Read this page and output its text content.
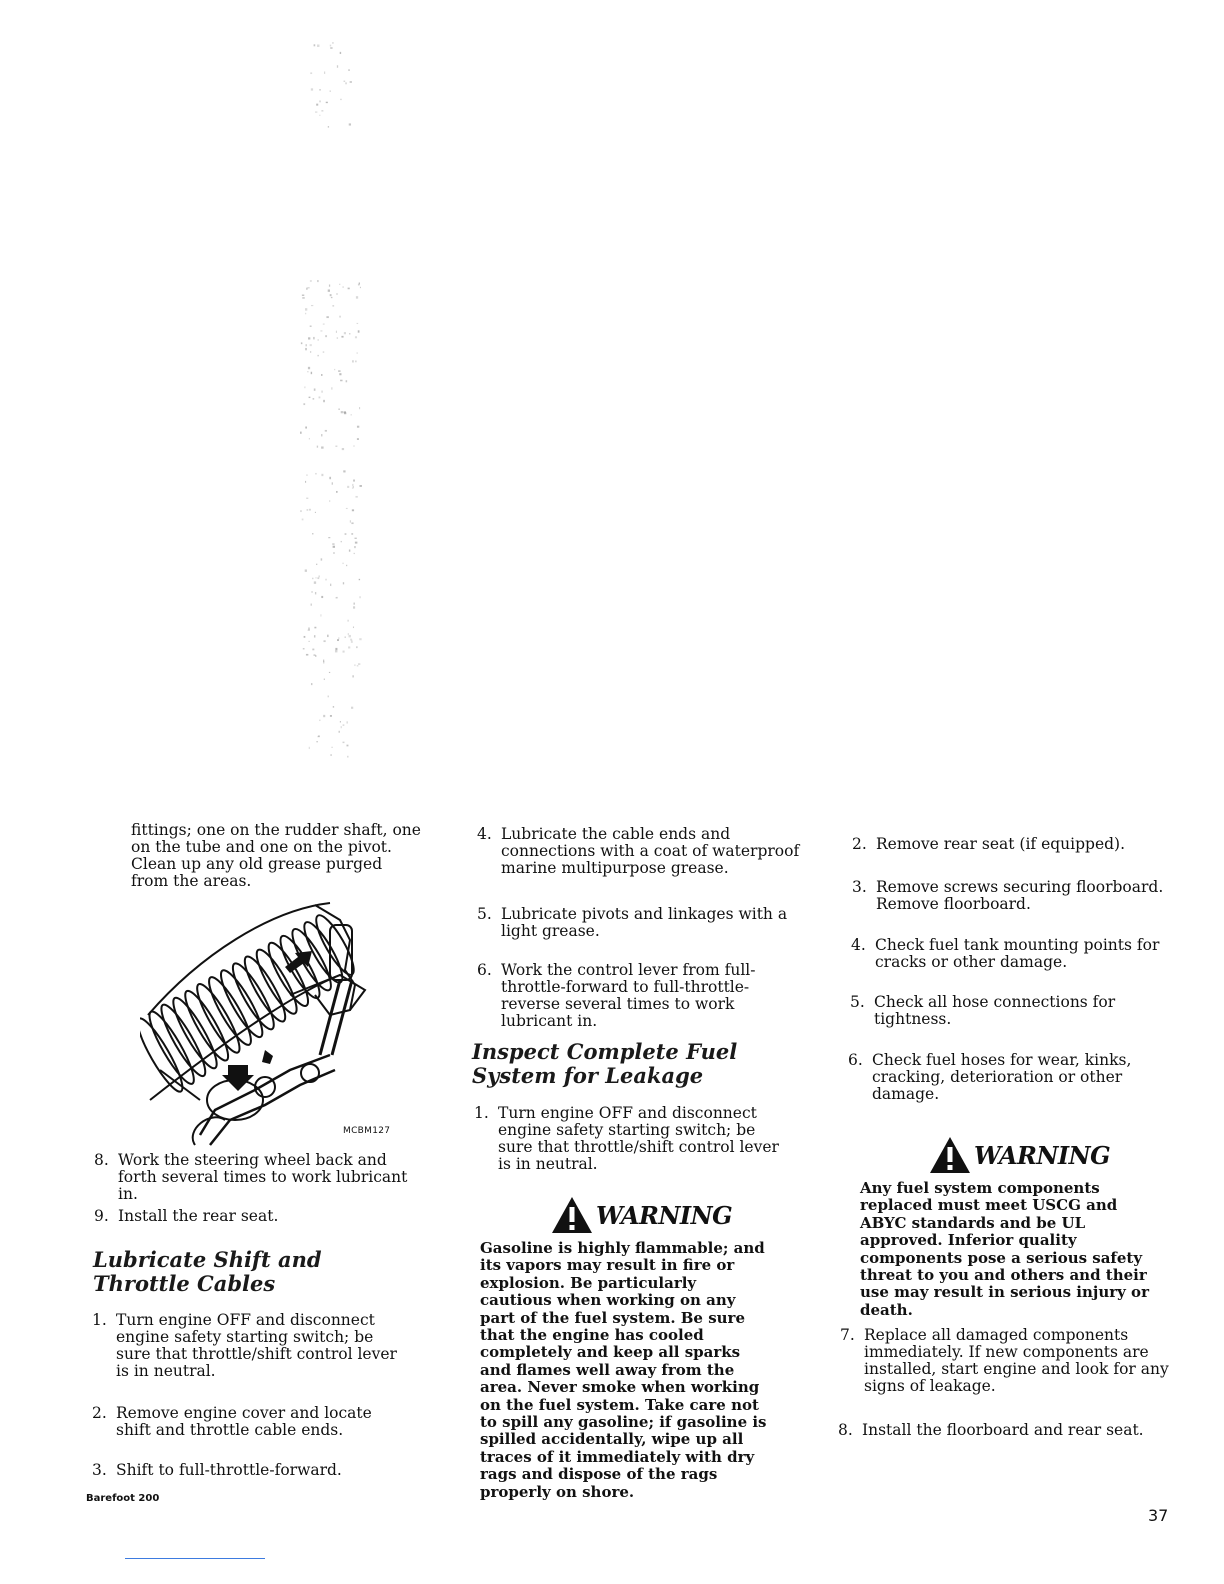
fittings; one on the rudder shaft, one on the tube and one on the pivot. Clean up any old grease purged from the areas.
MCBM127
8. Work the steering wheel back and forth several times to work lubricant in.
9. Install the rear seat.
Lubricate Shift and Throttle Cables
1. Turn engine OFF and disconnect engine safety starting switch; be sure that throttle/shift control lever is in neutral.
2. Remove engine cover and locate shift and throttle cable ends.
3. Shift to full-throttle-forward.
4. Lubricate the cable ends and connections with a coat of waterproof marine multipurpose grease.
5. Lubricate pivots and linkages with a light grease.
6. Work the control lever from full-throttle-forward to full-throttle-reverse several times to work lubricant in.
Inspect Complete Fuel System for Leakage
1. Turn engine OFF and disconnect engine safety starting switch; be sure that throttle/shift control lever is in neutral.
WARNING
Gasoline is highly flammable; and its vapors may result in fire or explosion. Be particularly cautious when working on any part of the fuel system. Be sure that the engine has cooled completely and keep all sparks and flames well away from the area. Never smoke when working on the fuel system. Take care not to spill any gasoline; if gasoline is spilled accidentally, wipe up all traces of it immediately with dry rags and dispose of the rags properly on shore.
2. Remove rear seat (if equipped).
3. Remove screws securing floorboard. Remove floorboard.
4. Check fuel tank mounting points for cracks or other damage.
5. Check all hose connections for tightness.
6. Check fuel hoses for wear, kinks, cracking, deterioration or other damage.
WARNING
Any fuel system components replaced must meet USCG and ABYC standards and be UL approved. Inferior quality components pose a serious safety threat to you and others and their use may result in serious injury or death.
7. Replace all damaged components immediately. If new components are installed, start engine and look for any signs of leakage.
8. Install the floorboard and rear seat.
Barefoot 200
37
